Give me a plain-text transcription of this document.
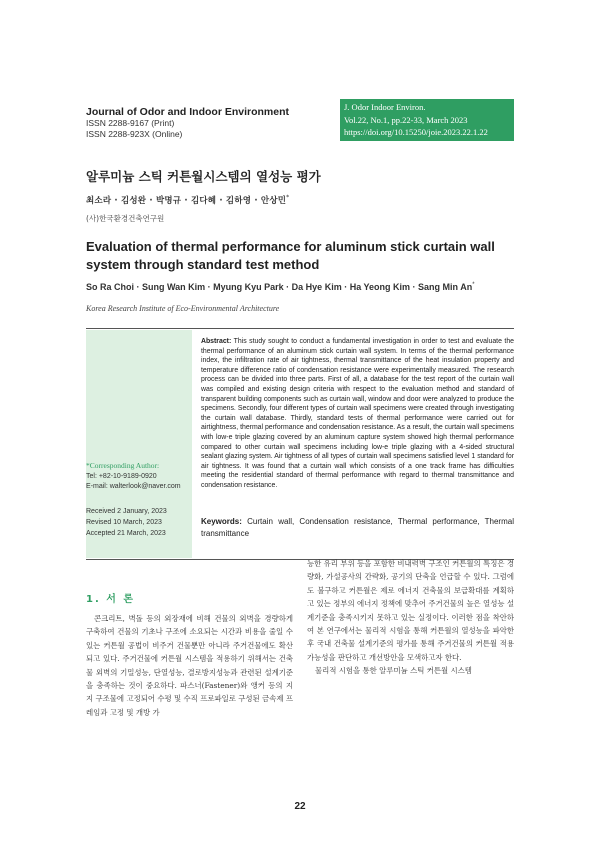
Journal of Odor and Indoor Environment
ISSN 2288-9167 (Print)
ISSN 2288-923X (Online)
J. Odor Indoor Environ.
Vol.22, No.1, pp.22-33, March 2023
https://doi.org/10.15250/joie.2023.22.1.22
알루미늄 스틱 커튼월시스템의 열성능 평가
최소라 · 김성완 · 박명규 · 김다혜 · 김하영 · 안상민*
(사)한국환경건축연구원
Evaluation of thermal performance for aluminum stick curtain wall system through standard test method
So Ra Choi · Sung Wan Kim · Myung Kyu Park · Da Hye Kim · Ha Yeong Kim · Sang Min An*
Korea Research Institute of Eco-Environmental Architecture
*Corresponding Author:
Tel: +82-10-9189-0920
E-mail: walterlook@naver.com
Received 2 January, 2023
Revised 10 March, 2023
Accepted 21 March, 2023
Abstract: This study sought to conduct a fundamental investigation in order to test and evaluate the thermal performance of an aluminum stick curtain wall system. In terms of the thermal performance index, the infiltration rate of air tightness, thermal transmittance of the heat insulation property and temperature difference ratio of condensation resistance were experimentally measured. The research process can be divided into three parts. First of all, a database for the test report of the curtain wall was compiled and existing design criteria with respect to the evaluation method and standard of transparent building components such as curtain wall, window and door were analyzed to produce the specimens. Secondly, four different types of curtain wall specimens were created through investigating the curtain wall database. Thirdly, standard tests of thermal performance were carried out for airtightness, thermal performance and condensation resistance. As a result, the curtain wall specimens with low-e triple glazing covered by an aluminum capture system showed high thermal performance compared to other curtain wall specimens including low-e triple glazing with a 4-sided structural sealant glazing system. Air tightness of all types of curtain wall specimens satisfied level 1 standard for air tightness. It was found that a curtain wall which consists of a one track frame has difficulties meeting the residential standard of thermal performance with regard to thermal transmittance and condensation resistance.
Keywords: Curtain wall, Condensation resistance, Thermal performance, Thermal transmittance
1. 서 론

콘크리트, 벽돌 등의 외장재에 비해 건물의 외벽을 경량하게 구축하여 건물의 기초나 구조에 소요되는 시간과 비용을 줄일 수 있는 커튼월 공법이 비주거 건물뿐만 아니라 주거건물에도 확산되고 있다. 주거건물에 커튼월 시스템을 적용하기 위해서는 건축물 외벽의 기밀성능, 단열성능, 결로방지성능과 관련된 설계기준을 충족하는 것이 중요하다. 파스너(Fastener)와 앵커 등의 지지 구조물에 고정되어 수평 및 수직 프로파일로 구성된 금속제 프레임과 고정 및 개방 가

능한 유리 부위 등을 포함한 비내력벽 구조인 커튼월의 특징은 경량화, 가설공사의 간략화, 공기의 단축을 언급할 수 있다. 그럼에도 불구하고 커튼월은 제로 에너지 건축물의 보급확대를 계획하고 있는 정부의 에너지 정책에 맞추어 주거건물의 높은 열성능 설계기준을 충족시키지 못하고 있는 실정이다. 이러한 점을 착안하여 본 연구에서는 물리적 시험을 통해 커튼월의 열성능을 파악한 후 국내 건축물 설계기준의 평가를 통해 주거건물의 커튼월 적용가능성을 판단하고 개선방안을 모색하고자 한다.

물리적 시험을 통한 알루미늄 스틱 커튼월 시스템

22
